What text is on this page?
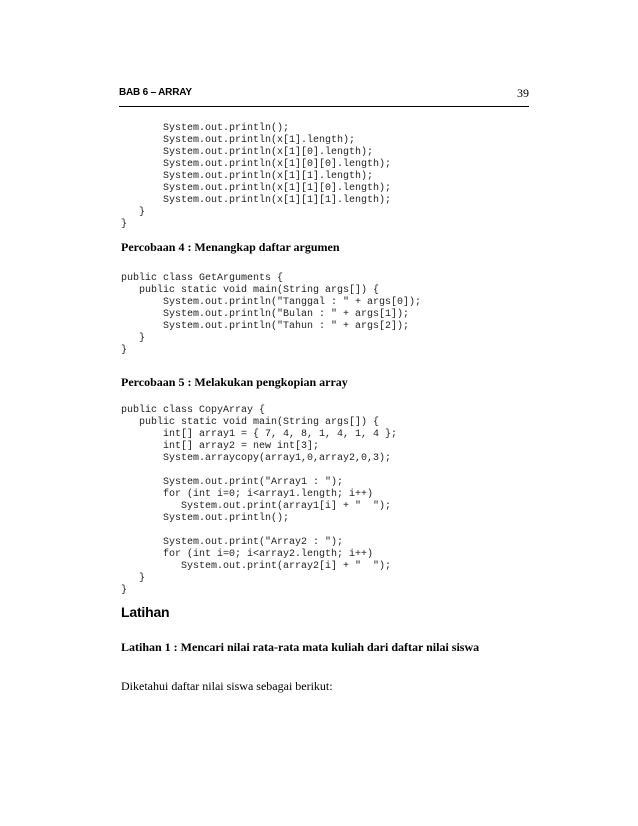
BAB 6 – ARRAY	39
System.out.println();
System.out.println(x[1].length);
System.out.println(x[1][0].length);
System.out.println(x[1][0][0].length);
System.out.println(x[1][1].length);
System.out.println(x[1][1][0].length);
System.out.println(x[1][1][1].length);
}
}
Percobaan 4 : Menangkap daftar argumen
public class GetArguments {
public static void main(String args[]) {
System.out.println("Tanggal : " + args[0]);
System.out.println("Bulan : " + args[1]);
System.out.println("Tahun : " + args[2]);
}
}
Percobaan 5 : Melakukan pengkopian array
public class CopyArray {
public static void main(String args[]) {
int[] array1 = { 7, 4, 8, 1, 4, 1, 4 };
int[] array2 = new int[3];
System.arraycopy(array1,0,array2,0,3);

System.out.print("Array1 : ");
for (int i=0; i<array1.length; i++)
System.out.print(array1[i] + "  ");
System.out.println();

System.out.print("Array2 : ");
for (int i=0; i<array2.length; i++)
System.out.print(array2[i] + "  ");
}
}
Latihan
Latihan 1 : Mencari nilai rata-rata mata kuliah dari daftar nilai siswa
Diketahui daftar nilai siswa sebagai berikut:
